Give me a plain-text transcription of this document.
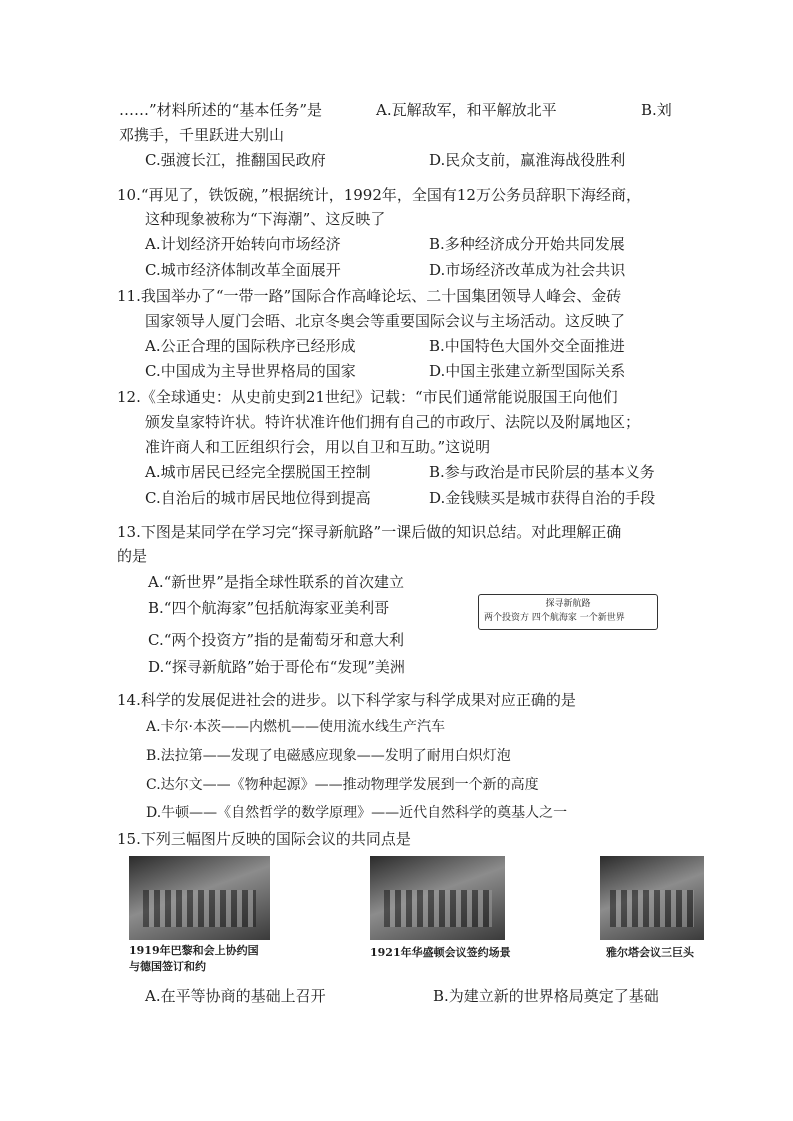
……”材料所述的“基本任务”是	A.瓦解敌军，和平解放北平	B.刘
邓携手，千里跃进大别山
C.强渡长江，推翻国民政府	D.民众支前，赢淮海战役胜利
10.“再见了，铁饭碗，”根据统计，1992年，全国有12万公务员辞职下海经商，
这种现象被称为“下海潮”、这反映了
A.计划经济开始转向市场经济	B.多种经济成分开始共同发展
C.城市经济体制改革全面展开	D.市场经济改革成为社会共识
11.我国举办了“一带一路”国际合作高峰论坛、二十国集团领导人峰会、金砖
国家领导人厦门会晤、北京冬奥会等重要国际会议与主场活动。这反映了
A.公正合理的国际秩序已经形成	B.中国特色大国外交全面推进
C.中国成为主导世界格局的国家	D.中国主张建立新型国际关系
12.《全球通史：从史前史到21世纪》记载：“市民们通常能说服国王向他们
颁发皇家特许状。特许状准许他们拥有自己的市政厅、法院以及附属地区；
准许商人和工匠组织行会，用以自卫和互助。”这说明
A.城市居民已经完全摆脱国王控制	B.参与政治是市民阶层的基本义务
C.自治后的城市居民地位得到提高	D.金钱赎买是城市获得自治的手段
13.下图是某同学在学习完“探寻新航路”一课后做的知识总结。对此理解正确
的是
A.“新世界”是指全球性联系的首次建立
B.“四个航海家”包括航海家亚美利哥
C.“两个投资方”指的是葡萄牙和意大利
D.“探寻新航路”始于哥伦布“发现”美洲
探寻新航路
两个投资方 四个航海家 一个新世界
14.科学的发展促进社会的进步。以下科学家与科学成果对应正确的是
A.卡尔·本茨——内燃机——使用流水线生产汽车
B.法拉第——发现了电磁感应现象——发明了耐用白炽灯泡
C.达尔文——《物种起源》——推动物理学发展到一个新的高度
D.牛顿——《自然哲学的数学原理》——近代自然科学的奠基人之一
15.下列三幅图片反映的国际会议的共同点是
1919年巴黎和会上协约国
与德国签订和约
1921年华盛顿会议签约场景	雅尔塔会议三巨头
A.在平等协商的基础上召开	B.为建立新的世界格局奠定了基础
